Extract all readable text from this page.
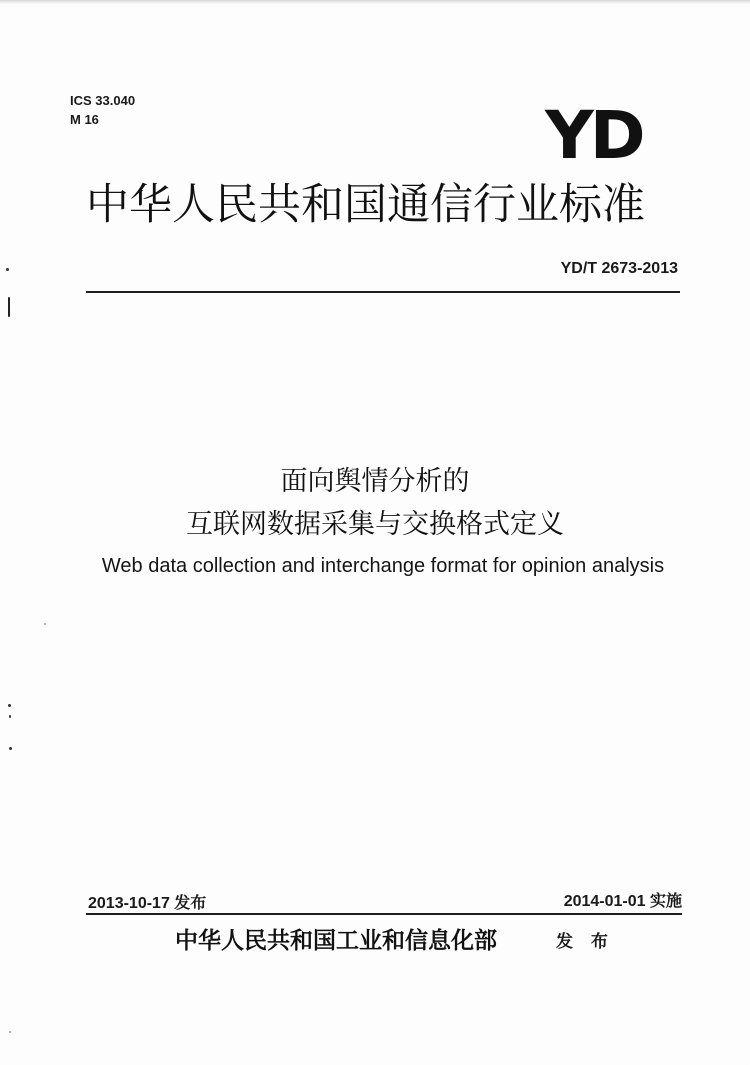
ICS 33.040
M 16	YD
中华人民共和国通信行业标准
YD/T 2673-2013
面向舆情分析的
互联网数据采集与交换格式定义
Web data collection and interchange format for opinion analysis
2013-10-17 发布	2014-01-01 实施
中华人民共和国工业和信息化部	发 布
